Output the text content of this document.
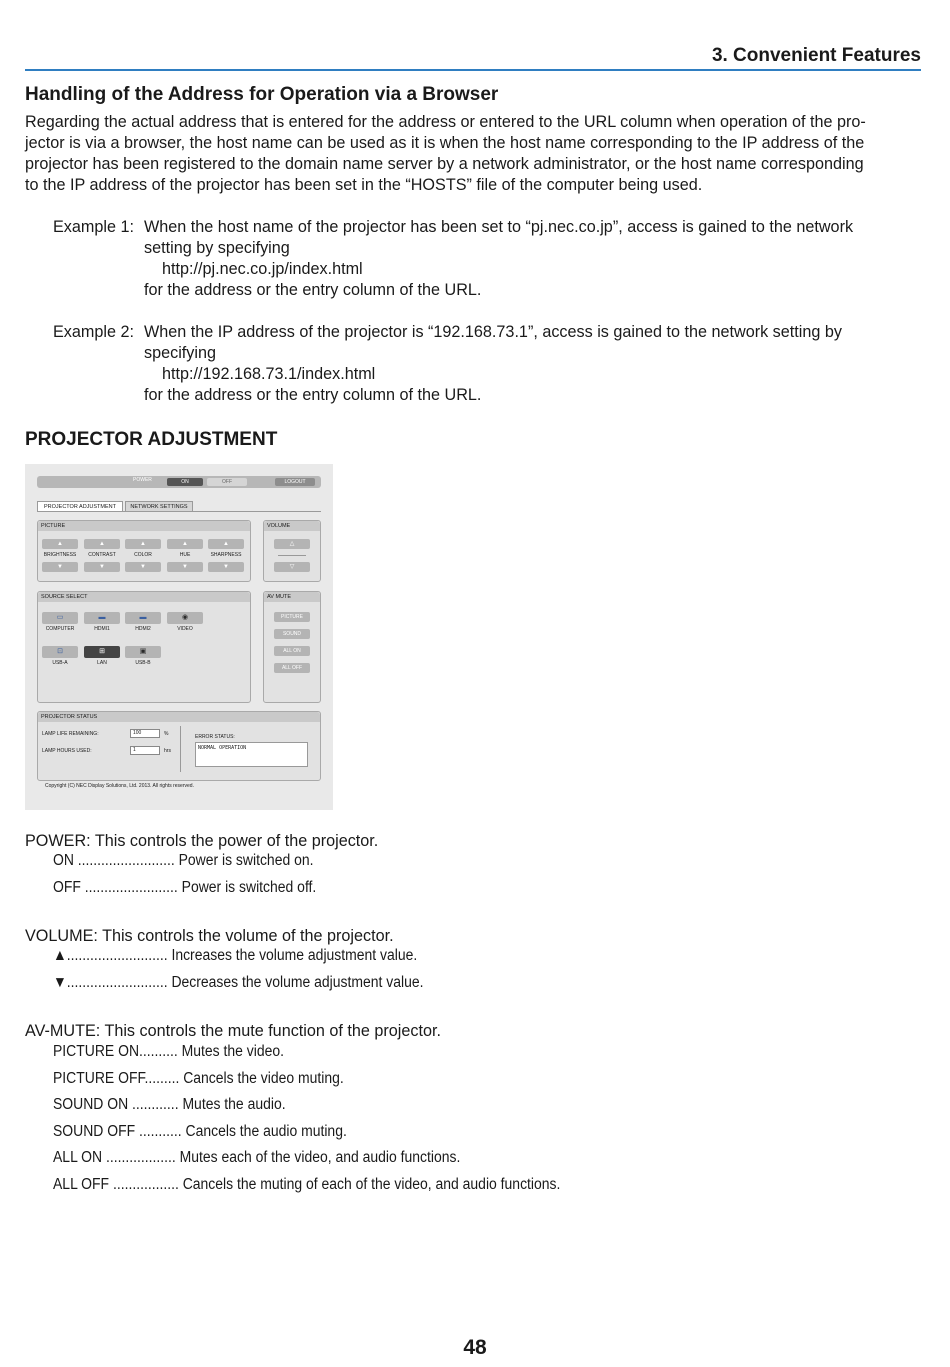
3. Convenient Features
Handling of the Address for Operation via a Browser
Regarding the actual address that is entered for the address or entered to the URL column when operation of the pro-
jector is via a browser, the host name can be used as it is when the host name corresponding to the IP address of the
projector has been registered to the domain name server by a network administrator, or the host name corresponding
to the IP address of the projector has been set in the “HOSTS” file of the computer being used.
Example 1: When the host name of the projector has been set to “pj.nec.co.jp”, access is gained to the network
setting by specifying
http://pj.nec.co.jp/index.html
for the address or the entry column of the URL.
Example 2: When the IP address of the projector is “192.168.73.1”, access is gained to the network setting by
specifying
http://192.168.73.1/index.html
for the address or the entry column of the URL.
PROJECTOR ADJUSTMENT
POWER	ON	OFF	LOGOUT
PROJECTOR ADJUSTMENT	NETWORK SETTINGS
PICTURE
▲	▲	▲	▲	▲
BRIGHTNESS	CONTRAST	COLOR	HUE	SHARPNESS
▼	▼	▼	▼	▼
VOLUME
△
▽
SOURCE SELECT
▭	▬	▬	◉
COMPUTER	HDMI1	HDMI2	VIDEO
⊡	⊞	▣
USB-A	LAN	USB-B
AV MUTE
PICTURE
SOUND
ALL ON
ALL OFF
PROJECTOR STATUS
LAMP LIFE REMAINING:	100	%
LAMP HOURS USED:	1	hrs
ERROR STATUS:
NORMAL OPERATION
Copyright (C) NEC Display Solutions, Ltd. 2013. All rights reserved.
POWER: This controls the power of the projector.
ON ......................... Power is switched on.
OFF ........................ Power is switched off.
VOLUME: This controls the volume of the projector.
▲.......................... Increases the volume adjustment value.
▼.......................... Decreases the volume adjustment value.
AV-MUTE: This controls the mute function of the projector.
PICTURE ON.......... Mutes the video.
PICTURE OFF......... Cancels the video muting.
SOUND ON ............ Mutes the audio.
SOUND OFF ........... Cancels the audio muting.
ALL ON .................. Mutes each of the video, and audio functions.
ALL OFF ................. Cancels the muting of each of the video, and audio functions.
48
